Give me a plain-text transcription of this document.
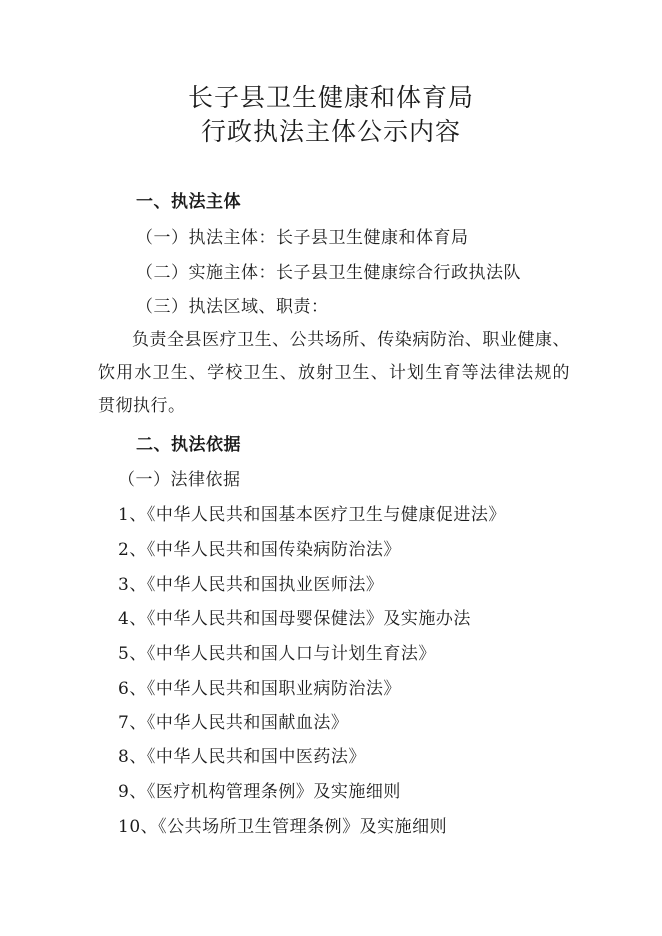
长子县卫生健康和体育局
行政执法主体公示内容
一、执法主体
（一）执法主体：长子县卫生健康和体育局
（二）实施主体：长子县卫生健康综合行政执法队
（三）执法区域、职责：
负责全县医疗卫生、公共场所、传染病防治、职业健康、饮用水卫生、学校卫生、放射卫生、计划生育等法律法规的贯彻执行。
二、执法依据
（一）法律依据
1、《中华人民共和国基本医疗卫生与健康促进法》
2、《中华人民共和国传染病防治法》
3、《中华人民共和国执业医师法》
4、《中华人民共和国母婴保健法》及实施办法
5、《中华人民共和国人口与计划生育法》
6、《中华人民共和国职业病防治法》
7、《中华人民共和国献血法》
8、《中华人民共和国中医药法》
9、《医疗机构管理条例》及实施细则
10、《公共场所卫生管理条例》及实施细则
